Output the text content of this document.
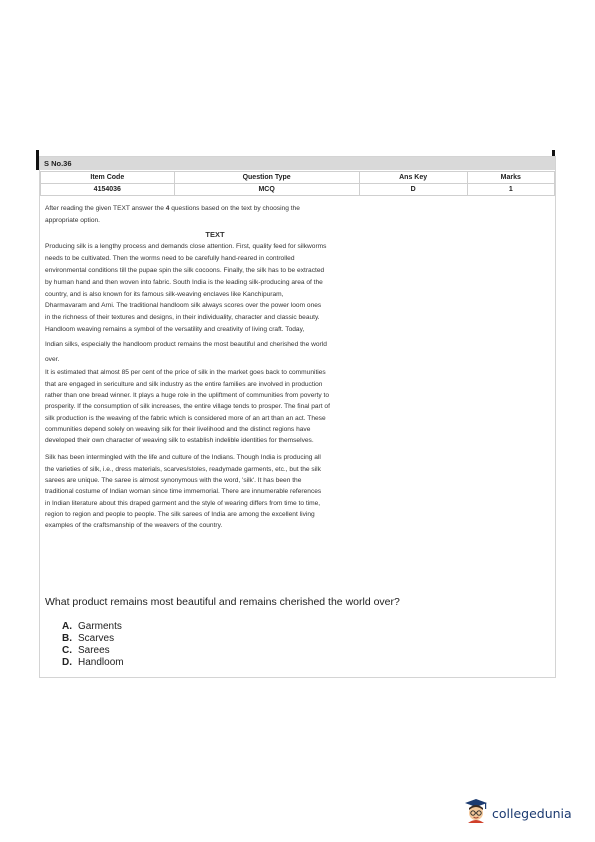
S No.36
Item Code	Question Type	Ans Key	Marks
4154036	MCQ	D	1

After reading the given TEXT answer the 4 questions based on the text by choosing the
appropriate option.

TEXT

Producing silk is a lengthy process and demands close attention. First, quality feed for silkworms
needs to be cultivated. Then the worms need to be carefully hand-reared in controlled
environmental conditions till the pupae spin the silk cocoons. Finally, the silk has to be extracted
by human hand and then woven into fabric. South India is the leading silk-producing area of the
country, and is also known for its famous silk-weaving enclaves like Kanchipuram,
Dharmavaram and Arni. The traditional handloom silk always scores over the power loom ones
in the richness of their textures and designs, in their individuality, character and classic beauty.
Handloom weaving remains a symbol of the versatility and creativity of living craft. Today,
Indian silks, especially the handloom product remains the most beautiful and cherished the world
over.

It is estimated that almost 85 per cent of the price of silk in the market goes back to communities
that are engaged in sericulture and silk industry as the entire families are involved in production
rather than one bread winner. It plays a huge role in the upliftment of communities from poverty to
prosperity. If the consumption of silk increases, the entire village tends to prosper. The final part of
silk production is the weaving of the fabric which is considered more of an art than an act. These
communities depend solely on weaving silk for their livelihood and the distinct regions have
developed their own character of weaving silk to establish indelible identities for themselves.

Silk has been intermingled with the life and culture of the Indians. Though India is producing all
the varieties of silk, i.e., dress materials, scarves/stoles, readymade garments, etc., but the silk
sarees are unique. The saree is almost synonymous with the word, 'silk'. It has been the
traditional costume of Indian woman since time immemorial. There are innumerable references
in Indian literature about this draped garment and the style of wearing differs from time to time,
region to region and people to people. The silk sarees of India are among the excellent living
examples of the craftsmanship of the weavers of the country.

What product remains most beautiful and remains cherished the world over?
A. Garments
B. Scarves
C. Sarees
D. Handloom
collegedunia
